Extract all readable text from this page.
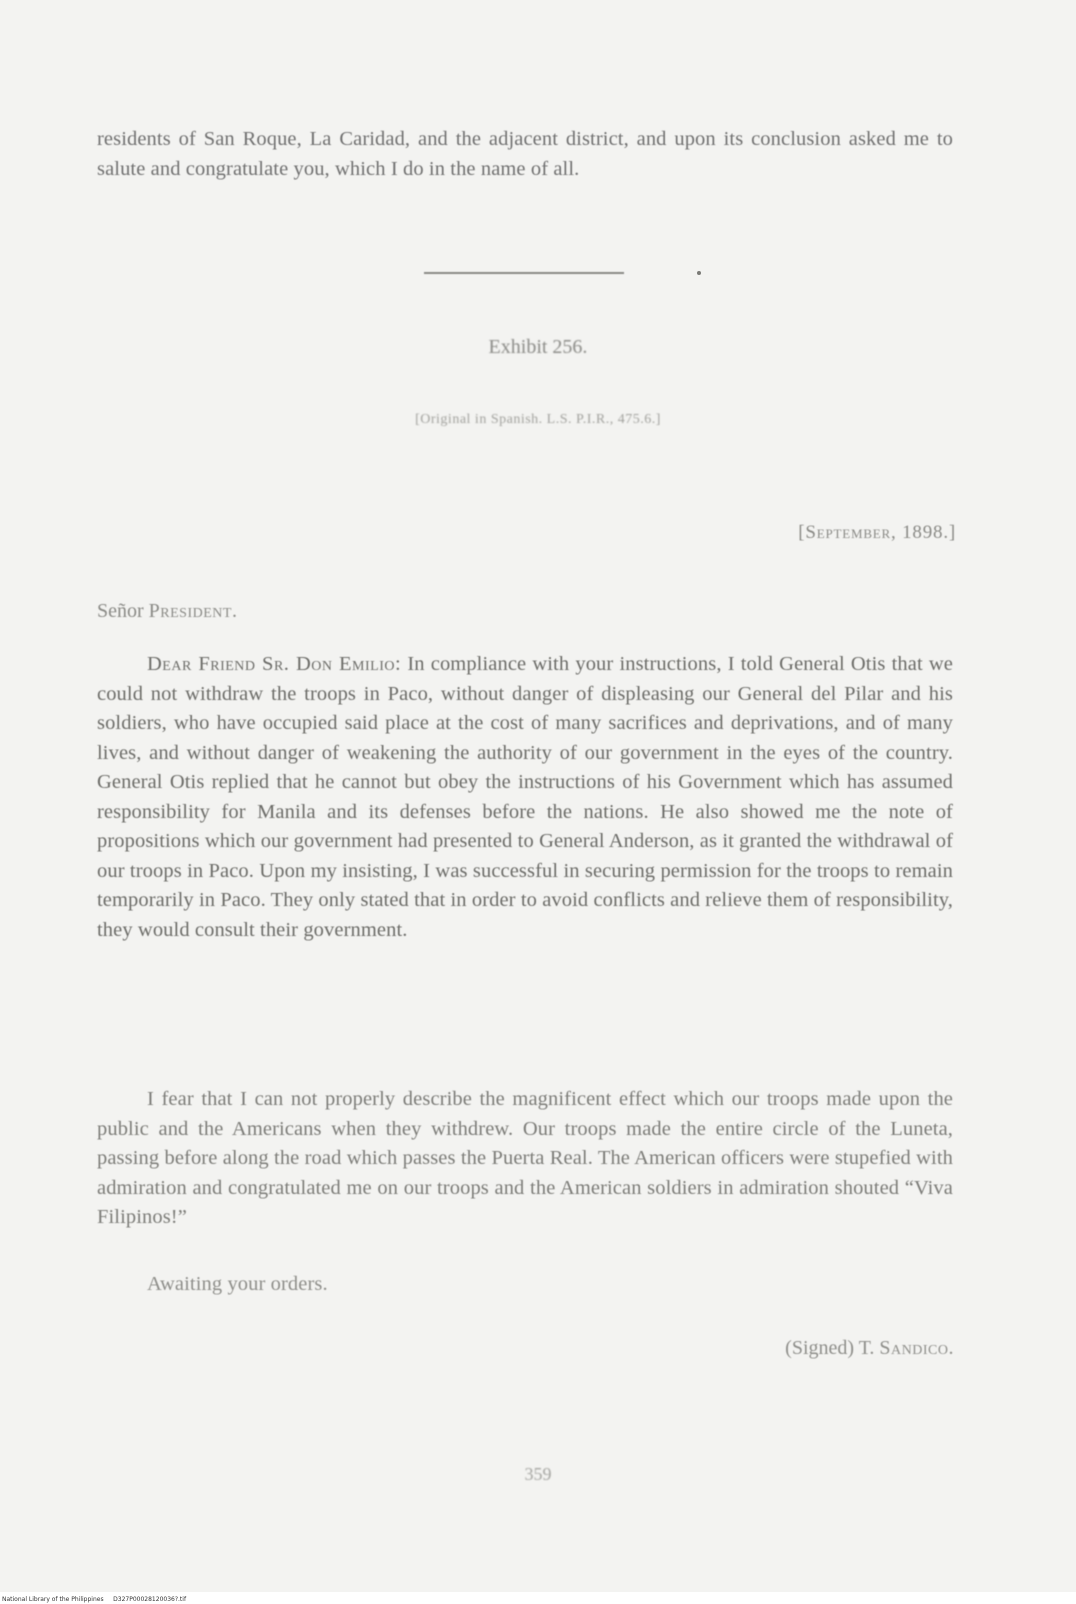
residents of San Roque, La Caridad, and the adjacent district, and upon its conclusion asked me to salute and congratulate you, which I do in the name of all.

Exhibit 256.
[Original in Spanish. L.S. P.I.R., 475.6.]
[September, 1898.]
Señor President.

Dear Friend Sr. Don Emilio: In compliance with your instructions, I told General Otis that we could not withdraw the troops in Paco, without danger of displeasing our General del Pilar and his soldiers, who have occupied said place at the cost of many sacrifices and deprivations, and of many lives, and without danger of weakening the authority of our government in the eyes of the country. General Otis replied that he cannot but obey the instructions of his Government which has assumed responsibility for Manila and its defenses before the nations. He also showed me the note of propositions which our government had presented to General Anderson, as it granted the withdrawal of our troops in Paco. Upon my insisting, I was successful in securing permission for the troops to remain temporarily in Paco. They only stated that in order to avoid conflicts and relieve them of responsibility, they would consult their government.

I fear that I can not properly describe the magnificent effect which our troops made upon the public and the Americans when they withdrew. Our troops made the entire circle of the Luneta, passing before along the road which passes the Puerta Real. The American officers were stupefied with admiration and congratulated me on our troops and the American soldiers in admiration shouted “Viva Filipinos!”

Awaiting your orders.

(Signed) T. Sandico.
359
National Library of the Philippines D327P00028120036?.tif
